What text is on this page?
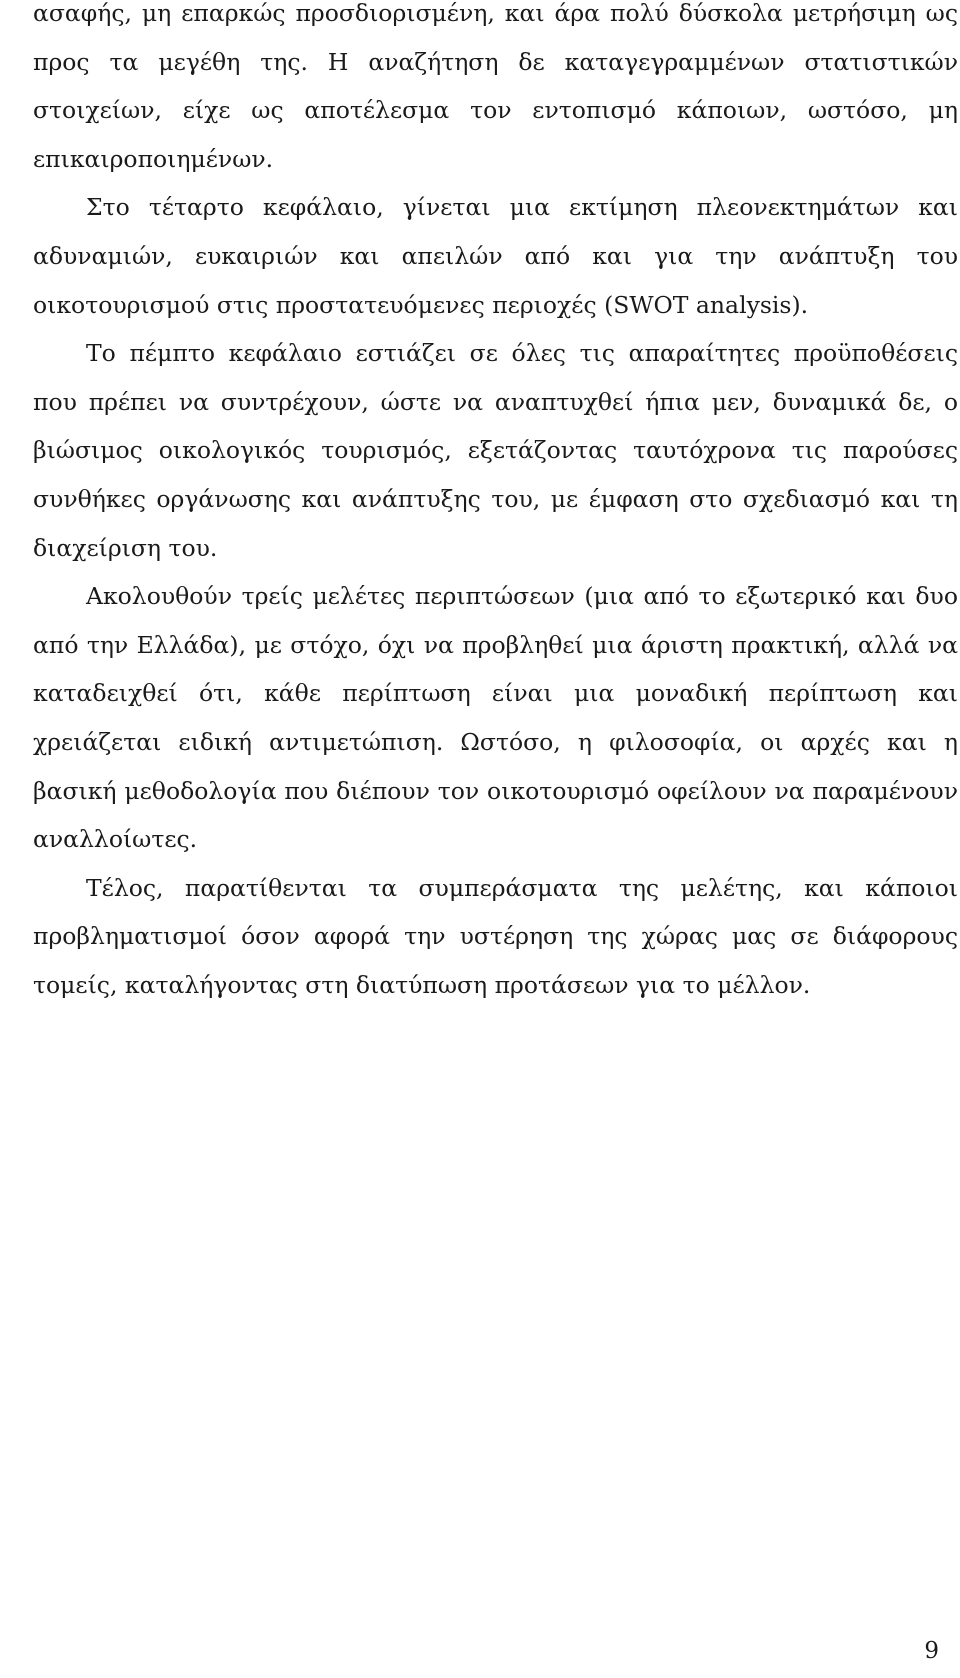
ασαφής, μη επαρκώς προσδιορισμένη, και άρα πολύ δύσκολα μετρήσιμη ως προς τα μεγέθη της. Η αναζήτηση δε καταγεγραμμένων στατιστικών στοιχείων, είχε ως αποτέλεσμα τον εντοπισμό κάποιων, ωστόσο, μη επικαιροποιημένων.

Στο τέταρτο κεφάλαιο, γίνεται μια εκτίμηση πλεονεκτημάτων και αδυναμιών, ευκαιριών και απειλών από και για την ανάπτυξη του οικοτουρισμού στις προστατευόμενες περιοχές (SWOT analysis).

Το πέμπτο κεφάλαιο εστιάζει σε όλες τις απαραίτητες προϋποθέσεις που πρέπει να συντρέχουν, ώστε να αναπτυχθεί ήπια μεν, δυναμικά δε, ο βιώσιμος οικολογικός τουρισμός, εξετάζοντας ταυτόχρονα τις παρούσες συνθήκες οργάνωσης και ανάπτυξης του, με έμφαση στο σχεδιασμό και τη διαχείριση του.

Ακολουθούν τρείς μελέτες περιπτώσεων (μια από το εξωτερικό και δυο από την Ελλάδα), με στόχο, όχι να προβληθεί μια άριστη πρακτική, αλλά να καταδειχθεί ότι, κάθε περίπτωση είναι μια μοναδική περίπτωση και χρειάζεται ειδική αντιμετώπιση. Ωστόσο, η φιλοσοφία, οι αρχές και η βασική μεθοδολογία που διέπουν τον οικοτουρισμό οφείλουν να παραμένουν αναλλοίωτες.

Τέλος, παρατίθενται τα συμπεράσματα της μελέτης, και κάποιοι προβληματισμοί όσον αφορά την υστέρηση της χώρας μας σε διάφορους τομείς, καταλήγοντας στη διατύπωση προτάσεων για το μέλλον.

9
